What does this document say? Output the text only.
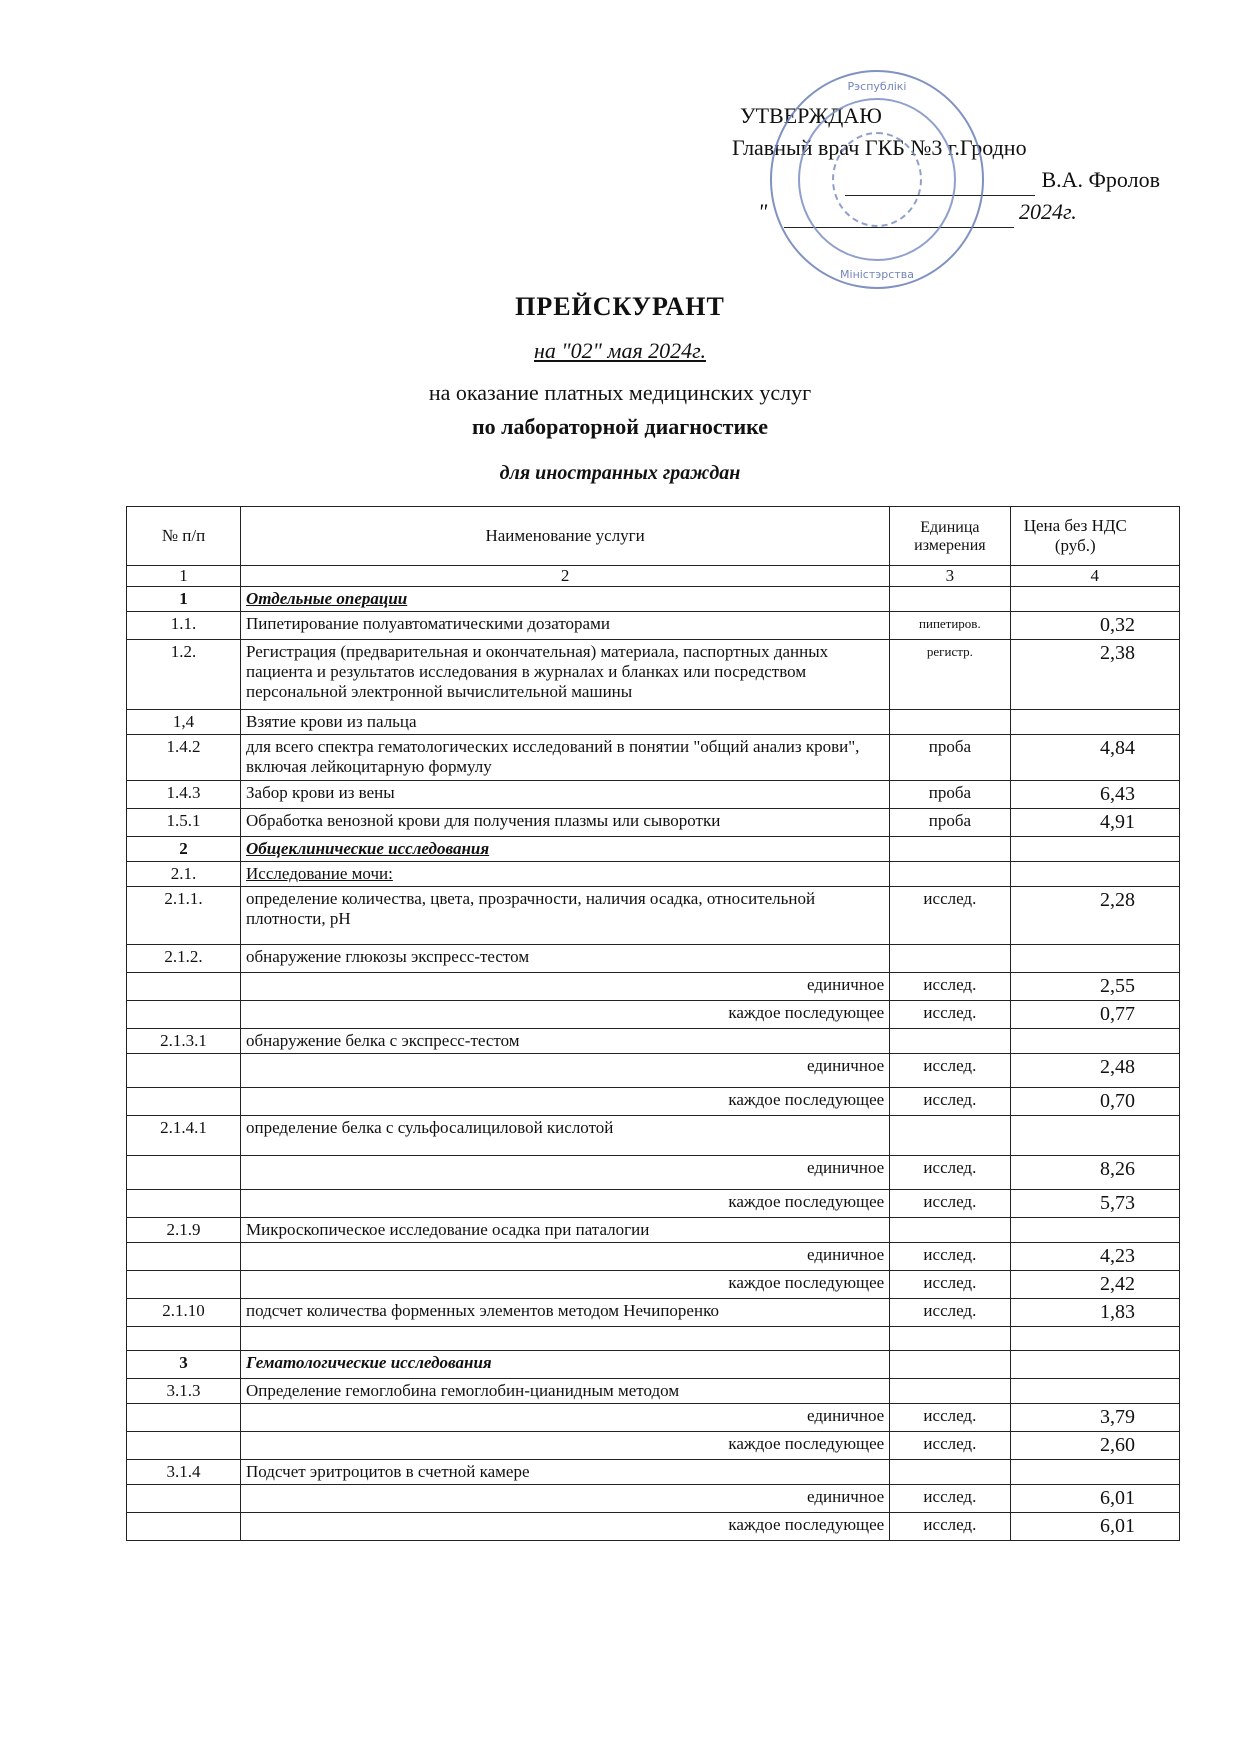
УТВЕРЖДАЮ
Главный врач ГКБ №3 г.Гродно
В.А. Фролов
"	2024г.
Рэспублiкi
Мiнiстэрства
ПРЕЙСКУРАНТ
на "02" мая 2024г.
на оказание платных медицинских услуг
по лабораторной диагностике
для иностранных граждан
№ п/п	Наименование услуги	Единица измерения	Цена без НДС (руб.)
1	2	3	4
1	Отдельные операции		
1.1.	Пипетирование полуавтоматическими дозаторами	пипетиров.	0,32
1.2.	Регистрация (предварительная и окончательная) материала, паспортных данных пациента и результатов исследования в журналах и бланках или посредством персональной электронной вычислительной машины	регистр.	2,38
1,4	Взятие крови из пальца		
1.4.2	для всего спектра гематологических исследований в понятии "общий анализ крови", включая лейкоцитарную формулу	проба	4,84
1.4.3	Забор крови из вены	проба	6,43
1.5.1	Обработка венозной крови для получения плазмы или сыворотки	проба	4,91
2	Общеклинические исследования		
2.1.	Исследование мочи:		
2.1.1.	определение количества, цвета, прозрачности, наличия осадка, относительной плотности, pH	исслед.	2,28
2.1.2.	обнаружение глюкозы экспресс-тестом		
	единичное	исслед.	2,55
	каждое последующее	исслед.	0,77
2.1.3.1	обнаружение белка с экспресс-тестом		
	единичное	исслед.	2,48
	каждое последующее	исслед.	0,70
2.1.4.1	определение белка с сульфосалициловой кислотой		
	единичное	исслед.	8,26
	каждое последующее	исслед.	5,73
2.1.9	Микроскопическое исследование осадка при паталогии		
	единичное	исслед.	4,23
	каждое последующее	исслед.	2,42
2.1.10	подсчет количества форменных элементов методом Нечипоренко	исслед.	1,83

3	Гематологические исследования		
3.1.3	Определение гемоглобина гемоглобин-цианидным методом		
	единичное	исслед.	3,79
	каждое последующее	исслед.	2,60
3.1.4	Подсчет эритроцитов в счетной камере		
	единичное	исслед.	6,01
	каждое последующее	исслед.	6,01
